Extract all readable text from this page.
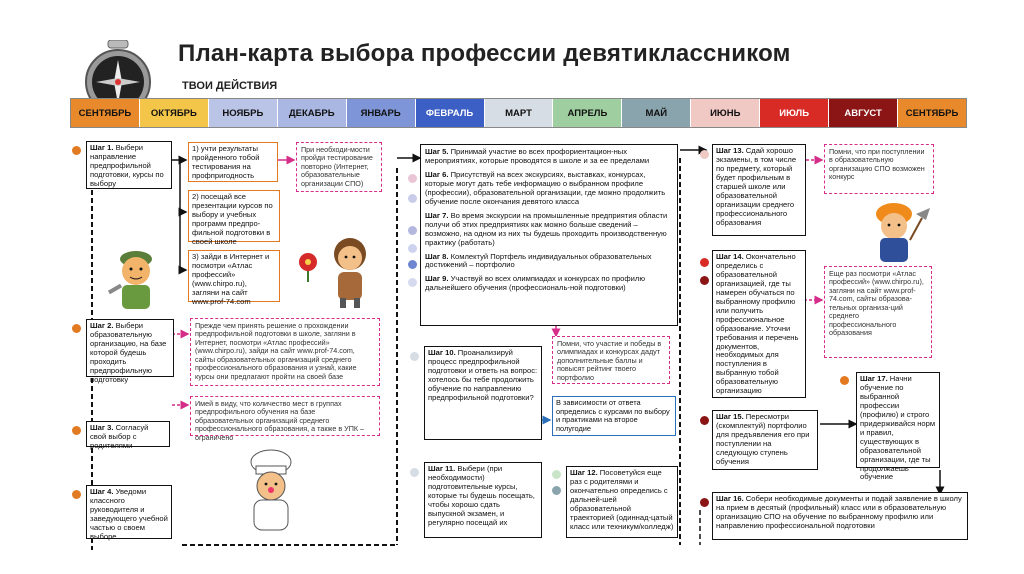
План-карта выбора профессии девятиклассником
ТВОИ ДЕЙСТВИЯ
СЕНТЯБРЬ ОКТЯБРЬ	НОЯБРЬ	ДЕКАБРЬ	ЯНВАРЬ	ФЕВРАЛЬ	МАРТ	АПРЕЛЬ	МАЙ	ИЮНЬ	ИЮЛЬ	АВГУСТ	СЕНТЯБРЬ
Шаг 1. Выбери направление предпрофильной подготовки, курсы по выбору
1) учти результаты пройденного тобой тестирования на профпригодность
2) посещай все презентации курсов по выбору и учебных программ предпро-фильной подготовки в своей школе
3) зайди в Интернет и посмотри «Атлас профессий» (www.chirpo.ru), загляни на сайт www.prof-74.com
При необходи-мости пройди тестирование повторно (Интернет, образовательные организации СПО)
Шаг 2. Выбери образовательную организацию, на базе которой будешь проходить предпрофильную подготовку
Прежде чем принять решение о прохождении предпрофильной подготовки в школе, загляни в Интернет, посмотри «Атлас профессий» (www.chirpo.ru), зайди на сайт www.prof-74.com, сайты образовательных организаций среднего профессионального образования и узнай, какие курсы они предлагают пройти на своей базе
Имей в виду, что количество мест в группах предпрофильного обучения на базе образовательных организаций среднего профессионального образования, а также в УПК – ограничено
Шаг 3. Согласуй свой выбор с родителями
Шаг 4. Уведоми классного руководителя и заведующего учебной частью о своем выборе
Шаг 5. Принимай участие во всех профориентацион-ных мероприятиях, которые проводятся в школе и за ее пределами
Шаг 6. Присутствуй на всех экскурсиях, выставках, конкурсах, которые могут дать тебе информацию о выбранном профиле (профессии), образовательной организации, где можно продолжить обучение после окончания девятого класса
Шаг 7. Во время экскурсии на промышленные предприятия области получи об этих предприятиях как можно больше сведений – возможно, на одном из них ты будешь проходить производственную практику (работать)
Шаг 8. Комлектуй Портфель индивидуальных образовательных достижений – портфолио
Шаг 9. Участвуй во всех олимпиадах и конкурсах по профилю дальнейшего обучения (профессиональ-ной подготовки)
Помни, что участие и победы в олимпиадах и конкурсах дадут дополнительные баллы и повысят рейтинг твоего портфолио
Шаг 10. Проанализируй процесс предпрофильной подготовки и ответь на вопрос: хотелось бы тебе продолжить обучение по направлению предпрофильной подготовки?
В зависимости от ответа определись с курсами по выбору и практиками на второе полугодие
Шаг 11. Выбери (при необходимости) подготовительные курсы, которые ты будешь посещать, чтобы хорошо сдать выпускной экзамен, и регулярно посещай их
Шаг 12. Посоветуйся еще раз с родителями и окончательно определись с дальней-шей образовательной траекторией (одиннад-цатый класс или техникум/колледж)
Шаг 13. Сдай хорошо экзамены, в том числе по предмету, который будет профильным в старшей школе или образовательной организации среднего профессионального образования
Помни, что при поступлении в образовательную организацию СПО возможен конкурс
Шаг 14. Окончательно определись с образовательной организацией, где ты намерен обучаться по выбранному профилю или получить профессиональное образование. Уточни требования и перечень документов, необходимых для поступления в выбранную тобой образовательную организацию
Еще раз посмотри «Атлас профессий» (www.chirpo.ru), загляни на сайт www.prof-74.com, сайты образова-тельных организа-ций среднего профессионального образования
Шаг 15. Пересмотри (скомплектуй) портфолио для предъявления его при поступлении на следующую ступень обучения
Шаг 17. Начни обучение по выбранной профессии (профилю) и строго придерживайся норм и правил, существующих в образовательной организации, где ты продолжаешь обучение
Шаг 16. Собери необходимые документы и подай заявление в школу на прием в десятый (профильный) класс или в образовательную организацию СПО на обучение по выбранному профилю или направлению профессиональной подготовки
